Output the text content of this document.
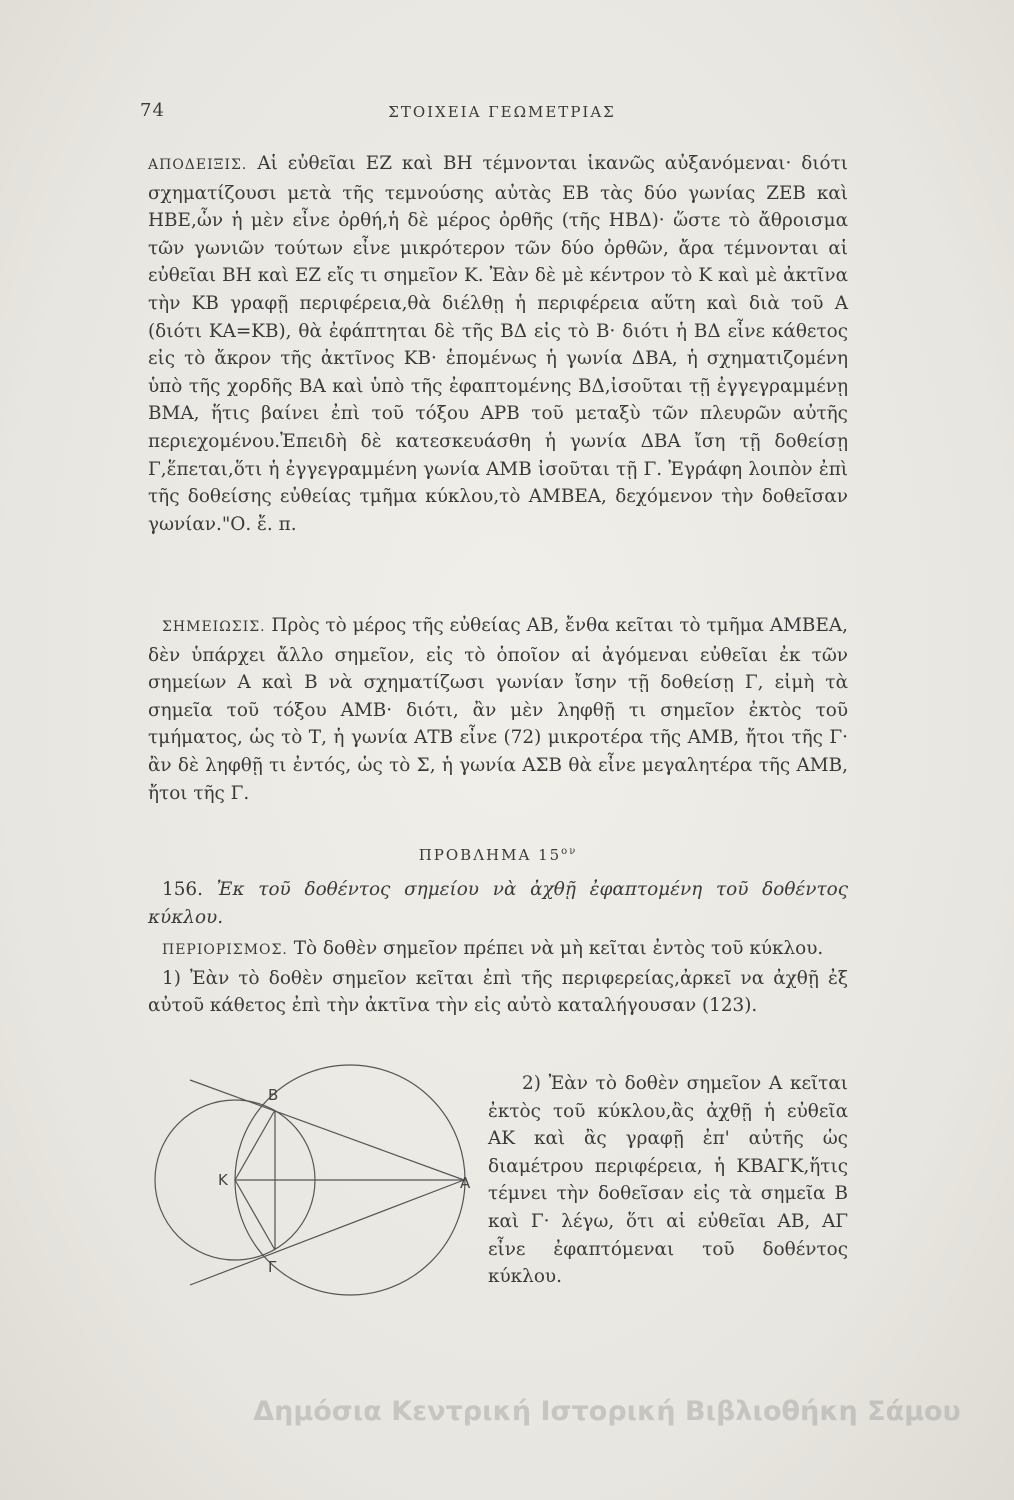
74	ΣΤΟΙΧΕΙΑ ΓΕΩΜΕΤΡΙΑΣ

ΑΠΟΔΕΙΞΙΣ. Αἱ εὐθεῖαι ΕΖ καὶ ΒΗ τέμνονται ἱκανῶς αὐξανόμεναι· διότι σχηματίζουσι μετὰ τῆς τεμνούσης αὐτὰς ΕΒ τὰς δύο γωνίας ΖΕΒ καὶ ΗΒΕ,ὧν ἡ μὲν εἶνε ὀρθή,ἡ δὲ μέρος ὀρθῆς (τῆς ΗΒΔ)· ὥστε τὸ ἄθροισμα τῶν γωνιῶν τούτων εἶνε μικρότερον τῶν δύο ὀρθῶν, ἄρα τέμνονται αἱ εὐθεῖαι ΒΗ καὶ ΕΖ εἴς τι σημεῖον Κ. Ἐὰν δὲ μὲ κέντρον τὸ Κ καὶ μὲ ἀκτῖνα τὴν ΚΒ γραφῇ περιφέρεια,θὰ διέλθῃ ἡ περιφέρεια αὕτη καὶ διὰ τοῦ Α (διότι ΚΑ=ΚΒ), θὰ ἐφάπτηται δὲ τῆς ΒΔ εἰς τὸ Β· διότι ἡ ΒΔ εἶνε κάθετος εἰς τὸ ἄκρον τῆς ἀκτῖνος ΚΒ· ἑπομένως ἡ γωνία ΔΒΑ, ἡ σχηματιζομένη ὑπὸ τῆς χορδῆς ΒΑ καὶ ὑπὸ τῆς ἐφαπτομένης ΒΔ,ἰσοῦται τῇ ἐγγεγραμμένῃ ΒΜΑ, ἥτις βαίνει ἐπὶ τοῦ τόξου ΑΡΒ τοῦ μεταξὺ τῶν πλευρῶν αὐτῆς περιεχομένου.Ἐπειδὴ δὲ κατεσκευάσθη ἡ γωνία ΔΒΑ ἴση τῇ δοθείσῃ Γ,ἕπεται,ὅτι ἡ ἐγγεγραμμένη γωνία ΑΜΒ ἰσοῦται τῇ Γ. Ἐγράφη λοιπὸν ἐπὶ τῆς δοθείσης εὐθείας τμῆμα κύκλου,τὸ ΑΜΒΕΑ, δεχόμενον τὴν δοθεῖσαν γωνίαν."Ο. ἔ. π.

ΣΗΜΕΙΩΣΙΣ. Πρὸς τὸ μέρος τῆς εὐθείας ΑΒ, ἔνθα κεῖται τὸ τμῆμα ΑΜΒΕΑ, δὲν ὑπάρχει ἄλλο σημεῖον, εἰς τὸ ὁποῖον αἱ ἀγόμεναι εὐθεῖαι ἐκ τῶν σημείων Α καὶ Β νὰ σχηματίζωσι γωνίαν ἴσην τῇ δοθείσῃ Γ, εἰμὴ τὰ σημεῖα τοῦ τόξου ΑΜΒ· διότι, ἂν μὲν ληφθῇ τι σημεῖον ἐκτὸς τοῦ τμήματος, ὡς τὸ Τ, ἡ γωνία ΑΤΒ εἶνε (72) μικροτέρα τῆς ΑΜΒ, ἤτοι τῆς Γ· ἂν δὲ ληφθῇ τι ἐντός, ὡς τὸ Σ, ἡ γωνία ΑΣΒ θὰ εἶνε μεγαλητέρα τῆς ΑΜΒ, ἤτοι τῆς Γ.

ΠΡΟΒΛΗΜΑ $15^{o\nu}$
156. Ἐκ τοῦ δοθέντος σημείου νὰ ἀχθῇ ἐφαπτομένη τοῦ δοθέντος κύκλου.

ΠΕΡΙΟΡΙΣΜΟΣ. Τὸ δοθὲν σημεῖον πρέπει νὰ μὴ κεῖται ἐντὸς τοῦ κύκλου.

1) Ἐὰν τὸ δοθὲν σημεῖον κεῖται ἐπὶ τῆς περιφερείας,ἀρκεῖ να ἀχθῇ ἐξ αὐτοῦ κάθετος ἐπὶ τὴν ἀκτῖνα τὴν εἰς αὐτὸ καταλήγουσαν (123).

2) Ἐὰν τὸ δοθὲν σημεῖον Α κεῖται ἐκτὸς τοῦ κύκλου,ἂς ἀχθῇ ἡ εὐθεῖα ΑΚ καὶ ἂς γραφῇ ἐπ' αὐτῆς ὡς διαμέτρου περιφέρεια, ἡ ΚΒΑΓΚ,ἥτις τέμνει τὴν δοθεῖσαν εἰς τὰ σημεῖα Β καὶ Γ· λέγω, ὅτι αἱ εὐθεῖαι ΑΒ, ΑΓ εἶνε ἐφαπτόμεναι τοῦ δοθέντος κύκλου.

B
K	A
Γ
Δημόσια Κεντρική Ιστορική Βιβλιοθήκη Σάμου
